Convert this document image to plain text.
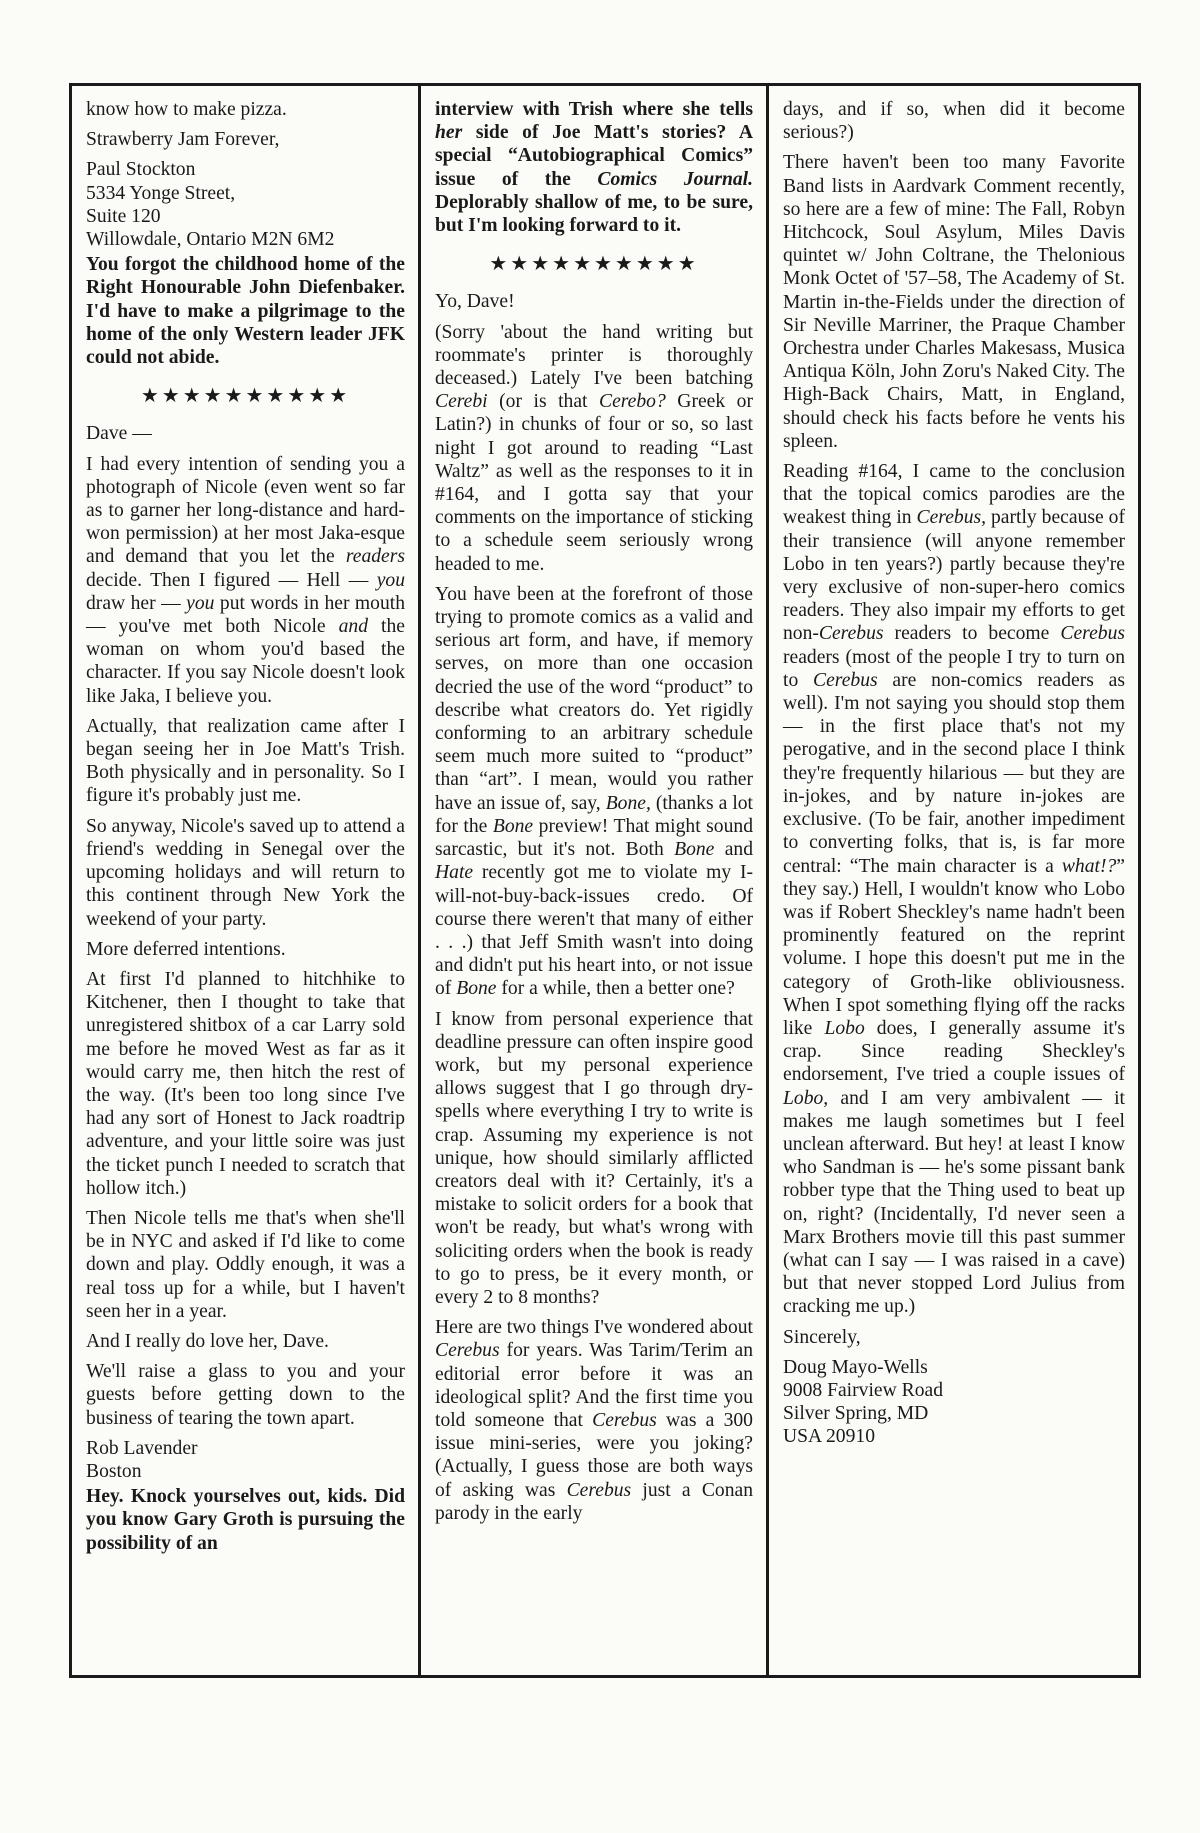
know how to make pizza.

Strawberry Jam Forever,

Paul Stockton
5334 Yonge Street,
Suite 120
Willowdale, Ontario M2N 6M2

You forgot the childhood home of the Right Honourable John Diefenbaker. I'd have to make a pilgrimage to the home of the only Western leader JFK could not abide.

★★★★★★★★★★

Dave —

I had every intention of sending you a photograph of Nicole (even went so far as to garner her long-distance and hard-won permission) at her most Jaka-esque and demand that you let the readers decide. Then I figured — Hell — you draw her — you put words in her mouth — you've met both Nicole and the woman on whom you'd based the character. If you say Nicole doesn't look like Jaka, I believe you.

Actually, that realization came after I began seeing her in Joe Matt's Trish. Both physically and in personality. So I figure it's probably just me.

So anyway, Nicole's saved up to attend a friend's wedding in Senegal over the upcoming holidays and will return to this continent through New York the weekend of your party.

More deferred intentions.

At first I'd planned to hitchhike to Kitchener, then I thought to take that unregistered shitbox of a car Larry sold me before he moved West as far as it would carry me, then hitch the rest of the way. (It's been too long since I've had any sort of Honest to Jack roadtrip adventure, and your little soire was just the ticket punch I needed to scratch that hollow itch.)

Then Nicole tells me that's when she'll be in NYC and asked if I'd like to come down and play. Oddly enough, it was a real toss up for a while, but I haven't seen her in a year.

And I really do love her, Dave.

We'll raise a glass to you and your guests before getting down to the business of tearing the town apart.

Rob Lavender
Boston

Hey. Knock yourselves out, kids. Did you know Gary Groth is pursuing the possibility of an

interview with Trish where she tells her side of Joe Matt's stories? A special “Autobiographical Comics” issue of the Comics Journal. Deplorably shallow of me, to be sure, but I'm looking forward to it.

★★★★★★★★★★

Yo, Dave!

(Sorry 'about the hand writing but roommate's printer is thoroughly deceased.) Lately I've been batching Cerebi (or is that Cerebo? Greek or Latin?) in chunks of four or so, so last night I got around to reading “Last Waltz” as well as the responses to it in #164, and I gotta say that your comments on the importance of sticking to a schedule seem seriously wrong headed to me.

You have been at the forefront of those trying to promote comics as a valid and serious art form, and have, if memory serves, on more than one occasion decried the use of the word “product” to describe what creators do. Yet rigidly conforming to an arbitrary schedule seem much more suited to “product” than “art”. I mean, would you rather have an issue of, say, Bone, (thanks a lot for the Bone preview! That might sound sarcastic, but it's not. Both Bone and Hate recently got me to violate my I-will-not-buy-back-issues credo. Of course there weren't that many of either . . .) that Jeff Smith wasn't into doing and didn't put his heart into, or not issue of Bone for a while, then a better one?

I know from personal experience that deadline pressure can often inspire good work, but my personal experience allows suggest that I go through dry-spells where everything I try to write is crap. Assuming my experience is not unique, how should similarly afflicted creators deal with it? Certainly, it's a mistake to solicit orders for a book that won't be ready, but what's wrong with soliciting orders when the book is ready to go to press, be it every month, or every 2 to 8 months?

Here are two things I've wondered about Cerebus for years. Was Tarim/Terim an editorial error before it was an ideological split? And the first time you told someone that Cerebus was a 300 issue mini-series, were you joking? (Actually, I guess those are both ways of asking was Cerebus just a Conan parody in the early

days, and if so, when did it become serious?)

There haven't been too many Favorite Band lists in Aardvark Comment recently, so here are a few of mine: The Fall, Robyn Hitchcock, Soul Asylum, Miles Davis quintet w/ John Coltrane, the Thelonious Monk Octet of '57–58, The Academy of St. Martin in-the-Fields under the direction of Sir Neville Marriner, the Praque Chamber Orchestra under Charles Makesass, Musica Antiqua Köln, John Zoru's Naked City. The High-Back Chairs, Matt, in England, should check his facts before he vents his spleen.

Reading #164, I came to the conclusion that the topical comics parodies are the weakest thing in Cerebus, partly because of their transience (will anyone remember Lobo in ten years?) partly because they're very exclusive of non-super-hero comics readers. They also impair my efforts to get non-Cerebus readers to become Cerebus readers (most of the people I try to turn on to Cerebus are non-comics readers as well). I'm not saying you should stop them — in the first place that's not my perogative, and in the second place I think they're frequently hilarious — but they are in-jokes, and by nature in-jokes are exclusive. (To be fair, another impediment to converting folks, that is, is far more central: “The main character is a what!?” they say.) Hell, I wouldn't know who Lobo was if Robert Sheckley's name hadn't been prominently featured on the reprint volume. I hope this doesn't put me in the category of Groth-like obliviousness. When I spot something flying off the racks like Lobo does, I generally assume it's crap. Since reading Sheckley's endorsement, I've tried a couple issues of Lobo, and I am very ambivalent — it makes me laugh sometimes but I feel unclean afterward. But hey! at least I know who Sandman is — he's some pissant bank robber type that the Thing used to beat up on, right? (Incidentally, I'd never seen a Marx Brothers movie till this past summer (what can I say — I was raised in a cave) but that never stopped Lord Julius from cracking me up.)

Sincerely,

Doug Mayo-Wells
9008 Fairview Road
Silver Spring, MD
USA 20910
